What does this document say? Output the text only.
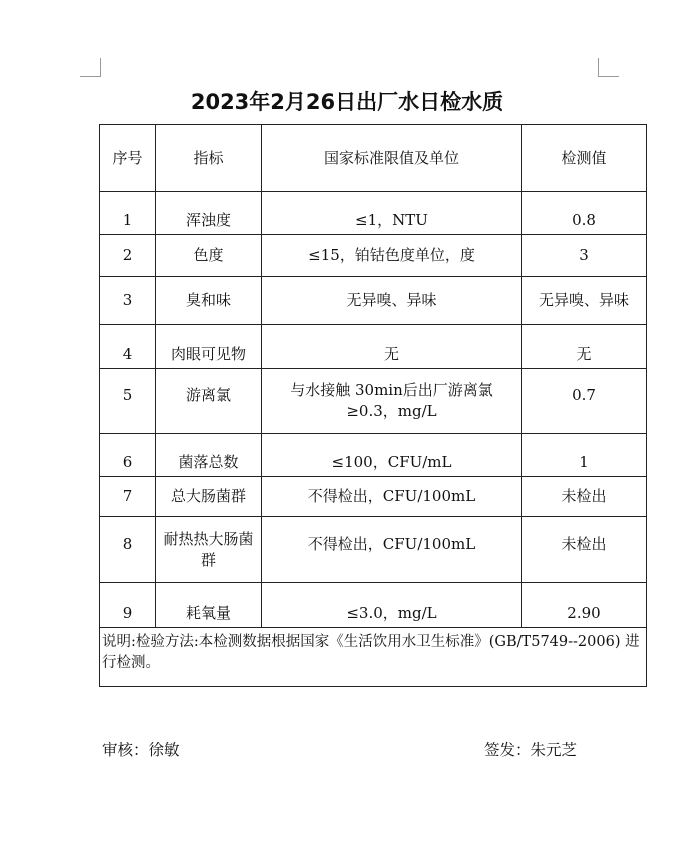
2023年2月26日出厂水日检水质
序号	指标	国家标准限值及单位	检测值
1	浑浊度	≤1，NTU	0.8
2	色度	≤15，铂钴色度单位，度	3
3	臭和味	无异嗅、异味	无异嗅、异味
4	肉眼可见物	无	无
5	游离氯	与水接触 30min后出厂游离氯≥0.3，mg/L	0.7
6	菌落总数	≤100，CFU/mL	1
7	总大肠菌群	不得检出，CFU/100mL	未检出
8	耐热热大肠菌群	不得检出，CFU/100mL	未检出
9	耗氧量	≤3.0，mg/L	2.90
说明:检验方法:本检测数据根据国家《生活饮用水卫生标准》(GB/T5749--2006) 进行检测。			
审核：徐敏	签发：朱元芝
